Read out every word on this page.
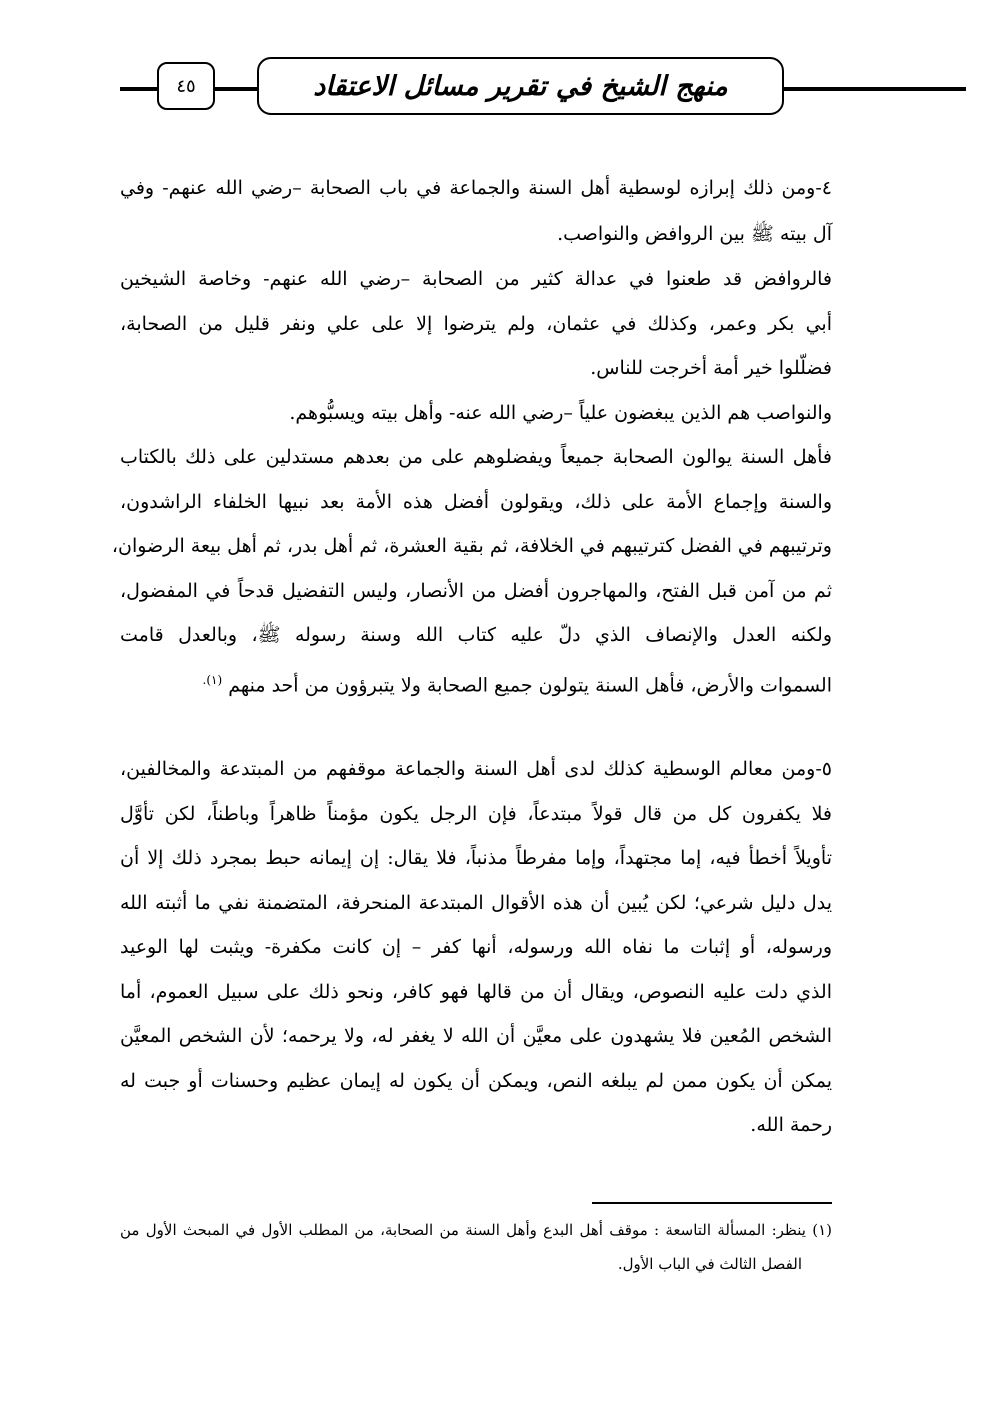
٤٥	منهج الشيخ في تقرير مسائل الاعتقاد
٤-ومن ذلك إبرازه لوسطية أهل السنة والجماعة في باب الصحابة –رضي الله عنهم- وفي
آل بيته ﷺ بين الروافض والنواصب.
فالروافض قد طعنوا في عدالة كثير من الصحابة –رضي الله عنهم- وخاصة الشيخين
أبي بكر وعمر، وكذلك في عثمان، ولم يترضوا إلا على علي ونفر قليل من الصحابة،
فضلّلوا خير أمة أخرجت للناس.
والنواصب هم الذين يبغضون علياً –رضي الله عنه- وأهل بيته ويسبُّوهم.
فأهل السنة يوالون الصحابة جميعاً ويفضلوهم على من بعدهم مستدلين على ذلك بالكتاب
والسنة وإجماع الأمة على ذلك، ويقولون أفضل هذه الأمة بعد نبيها الخلفاء الراشدون،
وترتيبهم في الفضل كترتيبهم في الخلافة، ثم بقية العشرة، ثم أهل بدر، ثم أهل بيعة الرضوان،
ثم من آمن قبل الفتح، والمهاجرون أفضل من الأنصار، وليس التفضيل قدحاً في المفضول،
ولكنه العدل والإنصاف الذي دلّ عليه كتاب الله وسنة رسوله ﷺ، وبالعدل قامت
السموات والأرض، فأهل السنة يتولون جميع الصحابة ولا يتبرؤون من أحد منهم $^{(١).}$
٥-ومن معالم الوسطية كذلك لدى أهل السنة والجماعة موقفهم من المبتدعة والمخالفين،
فلا يكفرون كل من قال قولاً مبتدعاً، فإن الرجل يكون مؤمناً ظاهراً وباطناً، لكن تأوَّل
تأويلاً أخطأ فيه، إما مجتهداً، وإما مفرطاً مذنباً، فلا يقال: إن إيمانه حبط بمجرد ذلك إلا أن
يدل دليل شرعي؛ لكن يُبين أن هذه الأقوال المبتدعة المنحرفة، المتضمنة نفي ما أثبته الله
ورسوله، أو إثبات ما نفاه الله ورسوله، أنها كفر – إن كانت مكفرة- ويثبت لها الوعيد
الذي دلت عليه النصوص، ويقال أن من قالها فهو كافر، ونحو ذلك على سبيل العموم، أما
الشخص المُعين فلا يشهدون على معيَّن أن الله لا يغفر له، ولا يرحمه؛ لأن الشخص المعيَّن
يمكن أن يكون ممن لم يبلغه النص، ويمكن أن يكون له إيمان عظيم وحسنات أو جبت له
رحمة الله.
(١) ينظر: المسألة التاسعة : موقف أهل البدع وأهل السنة من الصحابة، من المطلب الأول في المبحث الأول من
الفصل الثالث في الباب الأول.
